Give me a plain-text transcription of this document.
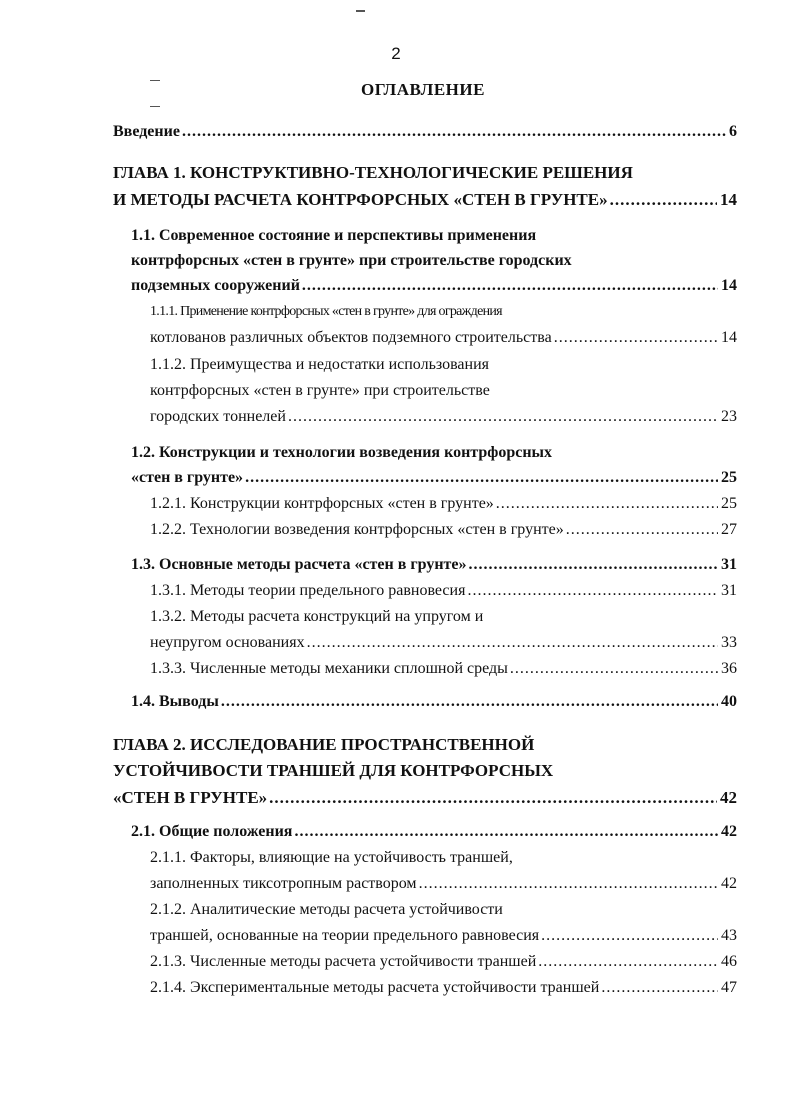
2
ОГЛАВЛЕНИЕ
Введение .....	6
ГЛАВА 1. КОНСТРУКТИВНО-ТЕХНОЛОГИЧЕСКИЕ РЕШЕНИЯ
И МЕТОДЫ РАСЧЕТА КОНТРФОРСНЫХ «СТЕН В ГРУНТЕ» .....	14
1.1. Современное состояние и перспективы применения
контрфорсных «стен в грунте» при строительстве городских
подземных сооружений .....	14
1.1.1. Применение контрфорсных «стен в грунте» для ограждения
котлованов различных объектов подземного строительства .....	14
1.1.2. Преимущества и недостатки использования
контрфорсных «стен в грунте» при строительстве
городских тоннелей .....	23
1.2. Конструкции и технологии возведения контрфорсных
«стен в грунте» .....	25
1.2.1. Конструкции контрфорсных «стен в грунте» .....	25
1.2.2. Технологии возведения контрфорсных «стен в грунте» .....	27
1.3. Основные методы расчета «стен в грунте» .....	31
1.3.1. Методы теории предельного равновесия .....	31
1.3.2. Методы расчета конструкций на упругом и
неупругом основаниях .....	33
1.3.3. Численные методы механики сплошной среды .....	36
1.4. Выводы .....	40
ГЛАВА 2. ИССЛЕДОВАНИЕ ПРОСТРАНСТВЕННОЙ
УСТОЙЧИВОСТИ ТРАНШЕЙ ДЛЯ КОНТРФОРСНЫХ
«СТЕН В ГРУНТЕ» .....	42
2.1. Общие положения .....	42
2.1.1. Факторы, влияющие на устойчивость траншей,
заполненных тиксотропным раствором .....	42
2.1.2. Аналитические методы расчета устойчивости
траншей, основанные на теории предельного равновесия .....	43
2.1.3. Численные методы расчета устойчивости траншей .....	46
2.1.4. Экспериментальные методы расчета устойчивости траншей .....	47
